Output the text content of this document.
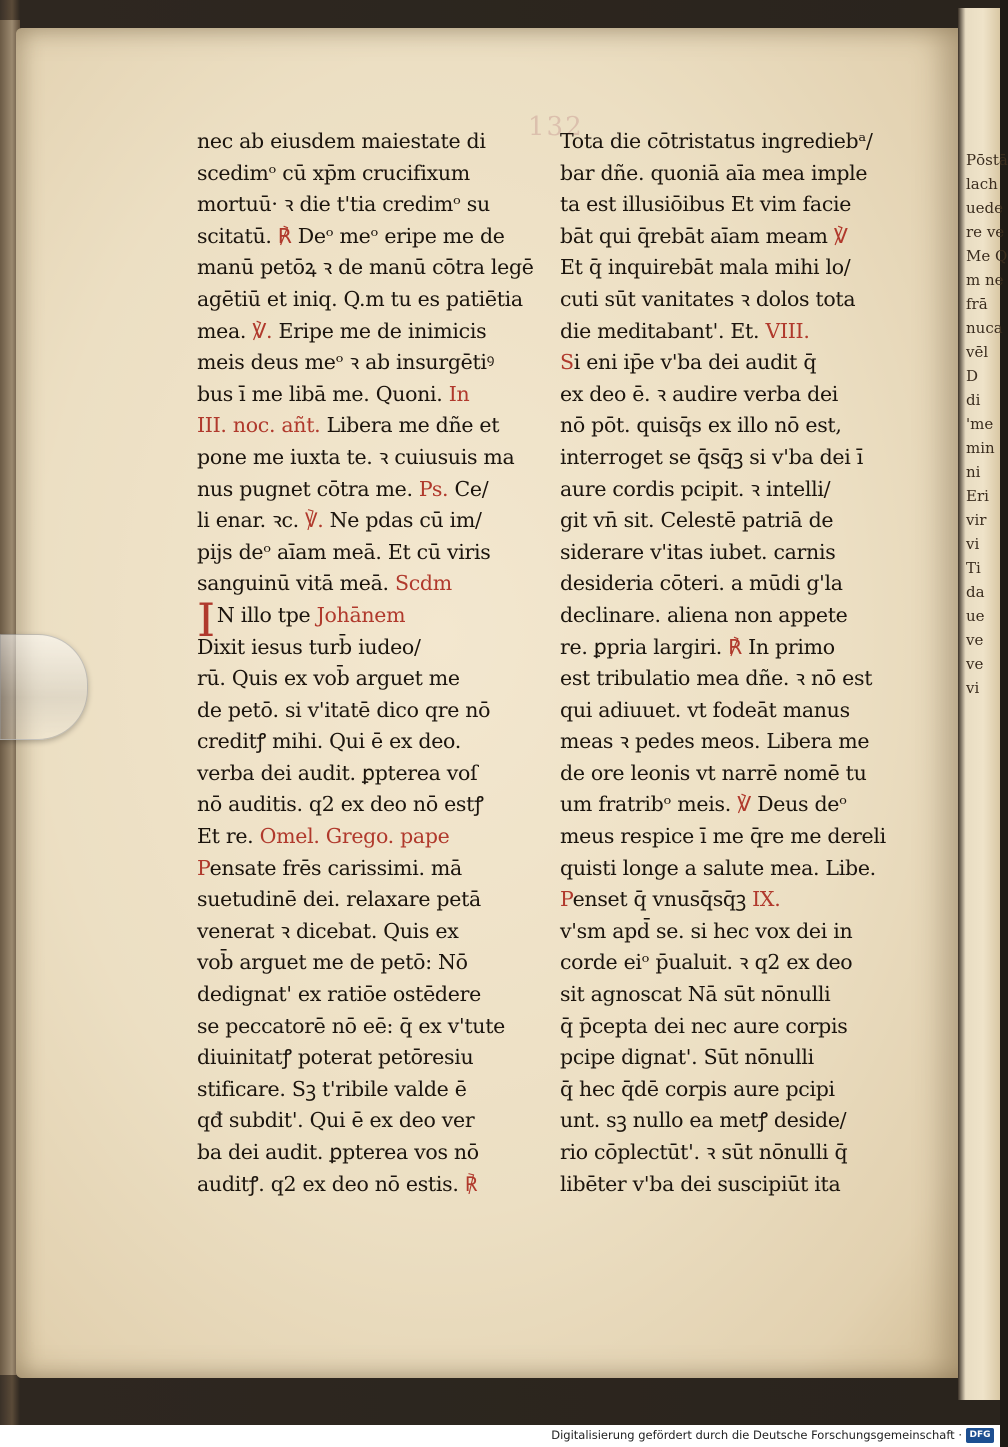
132
Pōstā
lach
uede
re ve
Me Q
m ne
frā
nuca
vēl
D
di
'me
min
ni
Eri
vir
vi
Ti
da
ue
ve
ve
vi
nec ab eiusdem maiestate di
scedimᵒ cū xp̄m crucifixum
mortuū· ꝛ die t'tia credimᵒ su
scitatū. ℟ Deᵒ meᵒ eripe me de
manū petōꝝ ꝛ de manū cōtra legē
agētiū et iniq. Q.m tu es patiētia
mea. ℣. Eripe me de inimicis
meis deus meᵒ ꝛ ab insurgētiꝰ
bus ī me libā me. Quoni. In
III. noc. añt. Libera me dñe et
pone me iuxta te. ꝛ cuiusuis ma
nus pugnet cōtra me. Ps. Ce/
li enar. ꝛc. ℣. Ne pdas cū im/
pijs deᵒ aīam meā. Et cū viris
sanguinū vitā meā. Scdm
IN illo tpe Johānem
Dixit iesus turb̄ iudeo/
rū. Quis ex vob̄ arguet me
de petō. si v'itatē dico qre nō
creditꝭ mihi. Qui ē ex deo.
verba dei audit. ꝑpterea voſ
nō auditis. q2 ex deo nō estꝭ
Et re. Omel. Grego. pape
Pensate frēs carissimi. mā
suetudinē dei. relaxare petā
venerat ꝛ dicebat. Quis ex
vob̄ arguet me de petō: Nō
dedignat' ex ratiōe ostēdere
se peccatorē nō eē: q̄ ex v'tute
diuinitatꝭ poterat petōresiu
stificare. Sꝫ t'ribile valde ē
qđ subdit'. Qui ē ex deo ver
ba dei audit. ꝑpterea vos nō
auditꝭ. q2 ex deo nō estis. ℟
Tota die cōtristatus ingrediebᵃ/
bar dñe. quoniā aīa mea imple
ta est illusiōibus Et vim facie
bāt qui q̄rebāt aīam meam ℣
Et q̄ inquirebāt mala mihi lo/
cuti sūt vanitates ꝛ dolos tota
die meditabant'. Et. VIII.
Si eni ip̄e v'ba dei audit q̄
ex deo ē. ꝛ audire verba dei
nō pōt. quisq̄s ex illo nō est,
interroget se q̄sq̄ꝫ si v'ba dei ī
aure cordis pcipit. ꝛ intelli/
git vn̄ sit. Celestē patriā de
siderare v'itas iubet. carnis
desideria cōteri. a mūdi g'la
declinare. aliena non appete
re. ꝑpria largiri. ℟ In primo
est tribulatio mea dñe. ꝛ nō est
qui adiuuet. vt fodeāt manus
meas ꝛ pedes meos. Libera me
de ore leonis vt narrē nomē tu
um fratribᵒ meis. ℣ Deus deᵒ
meus respice ī me q̄re me dereli
quisti longe a salute mea. Libe.
Penset q̄ vnusq̄sq̄ꝫ IX.
v'sm apd̄ se. si hec vox dei in
corde eiᵒ p̄ualuit. ꝛ q2 ex deo
sit agnoscat Nā sūt nōnulli
q̄ p̄cepta dei nec aure corpis
pcipe dignat'. Sūt nōnulli
q̄ hec q̄dē corpis aure pcipi
unt. sꝫ nullo ea metꝭ deside/
rio cōplectūt'. ꝛ sūt nōnulli q̄
libēter v'ba dei suscipiūt ita
Digitalisierung gefördert durch die Deutsche Forschungsgemeinschaft · DFG
